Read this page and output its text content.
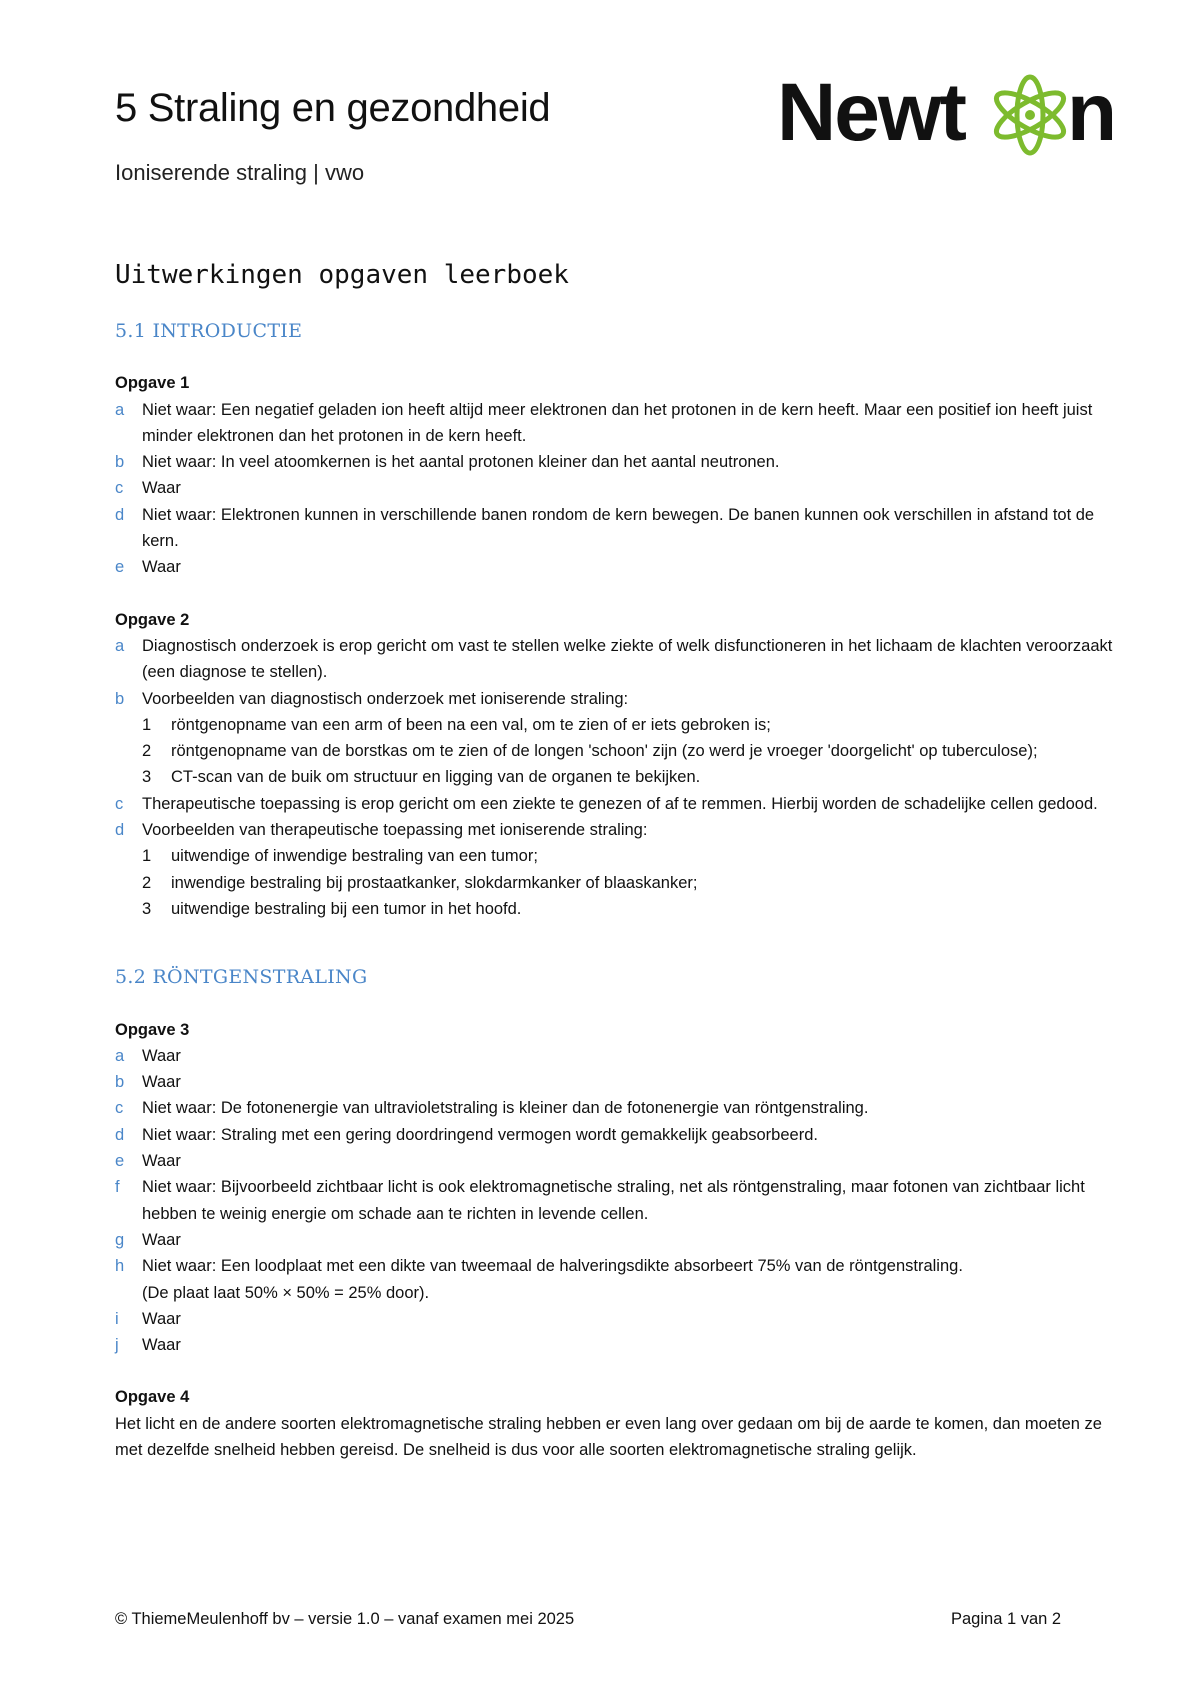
5 Straling en gezondheid
Ioniserende straling | vwo
Newt n
Uitwerkingen opgaven leerboek
5.1 INTRODUCTIE
Opgave 1
a	Niet waar: Een negatief geladen ion heeft altijd meer elektronen dan het protonen in de kern heeft. Maar een positief ion heeft juist minder elektronen dan het protonen in de kern heeft.
b	Niet waar: In veel atoomkernen is het aantal protonen kleiner dan het aantal neutronen.
c	Waar
d	Niet waar: Elektronen kunnen in verschillende banen rondom de kern bewegen. De banen kunnen ook verschillen in afstand tot de kern.
e	Waar
Opgave 2
a	Diagnostisch onderzoek is erop gericht om vast te stellen welke ziekte of welk disfunctioneren in het lichaam de klachten veroorzaakt (een diagnose te stellen).
b	Voorbeelden van diagnostisch onderzoek met ioniserende straling:
1	röntgenopname van een arm of been na een val, om te zien of er iets gebroken is;
2	röntgenopname van de borstkas om te zien of de longen 'schoon' zijn (zo werd je vroeger 'doorgelicht' op tuberculose);
3	CT-scan van de buik om structuur en ligging van de organen te bekijken.
c	Therapeutische toepassing is erop gericht om een ziekte te genezen of af te remmen. Hierbij worden de schadelijke cellen gedood.
d	Voorbeelden van therapeutische toepassing met ioniserende straling:
1	uitwendige of inwendige bestraling van een tumor;
2	inwendige bestraling bij prostaatkanker, slokdarmkanker of blaaskanker;
3	uitwendige bestraling bij een tumor in het hoofd.
5.2 RÖNTGENSTRALING
Opgave 3
a	Waar
b	Waar
c	Niet waar: De fotonenergie van ultravioletstraling is kleiner dan de fotonenergie van röntgenstraling.
d	Niet waar: Straling met een gering doordringend vermogen wordt gemakkelijk geabsorbeerd.
e	Waar
f	Niet waar: Bijvoorbeeld zichtbaar licht is ook elektromagnetische straling, net als röntgenstraling, maar fotonen van zichtbaar licht hebben te weinig energie om schade aan te richten in levende cellen.
g	Waar
h	Niet waar: Een loodplaat met een dikte van tweemaal de halveringsdikte absorbeert 75% van de röntgenstraling.
(De plaat laat 50% × 50% = 25% door).
i	Waar
j	Waar
Opgave 4
Het licht en de andere soorten elektromagnetische straling hebben er even lang over gedaan om bij de aarde te komen, dan moeten ze met dezelfde snelheid hebben gereisd. De snelheid is dus voor alle soorten elektromagnetische straling gelijk.
© ThiemeMeulenhoff bv – versie 1.0 – vanaf examen mei 2025	Pagina 1 van 2
